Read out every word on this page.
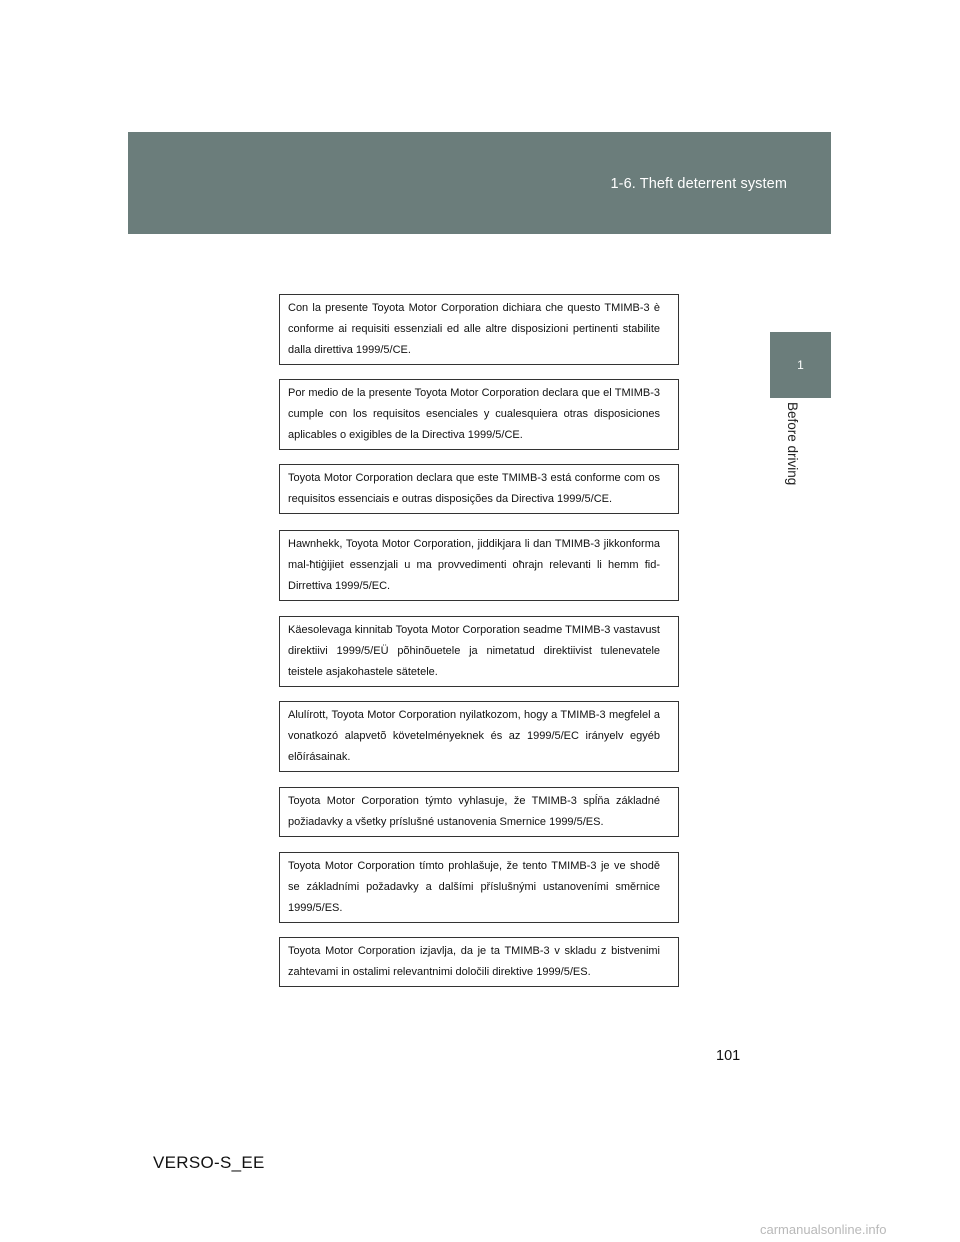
1-6. Theft deterrent system
1
Before driving
Con la presente Toyota Motor Corporation dichiara che questo TMIMB-3 è conforme ai requisiti essenziali ed alle altre disposizioni pertinenti stabilite dalla direttiva 1999/5/CE.
Por medio de la presente Toyota Motor Corporation declara que el TMIMB-3 cumple con los requisitos esenciales y cualesquiera otras disposiciones aplicables o exigibles de la Directiva 1999/5/CE.
Toyota Motor Corporation declara que este TMIMB-3 está conforme com os requisitos essenciais e outras disposições da Directiva 1999/5/CE.
Hawnhekk, Toyota Motor Corporation, jiddikjara li dan TMIMB-3 jikkonforma mal-ħtiġijiet essenzjali u ma provvedimenti oħrajn relevanti li hemm fid-Dirrettiva 1999/5/EC.
Käesolevaga kinnitab Toyota Motor Corporation seadme TMIMB-3 vastavust direktiivi 1999/5/EÜ põhinõuetele ja nimetatud direktiivist tulenevatele teistele asjakohastele sätetele.
Alulírott, Toyota Motor Corporation nyilatkozom, hogy a TMIMB-3 megfelel a vonatkozó alapvetõ követelményeknek és az 1999/5/EC irányelv egyéb elõírásainak.
Toyota Motor Corporation týmto vyhlasuje, že TMIMB-3 spĺňa základné požiadavky a všetky príslušné ustanovenia Smernice 1999/5/ES.
Toyota Motor Corporation tímto prohlašuje, že tento TMIMB-3 je ve shodě se základními požadavky a dalšími příslušnými ustanoveními směrnice 1999/5/ES.
Toyota Motor Corporation izjavlja, da je ta TMIMB-3 v skladu z bistvenimi zahtevami in ostalimi relevantnimi določili direktive 1999/5/ES.
101
VERSO-S_EE
carmanualsonline.info
